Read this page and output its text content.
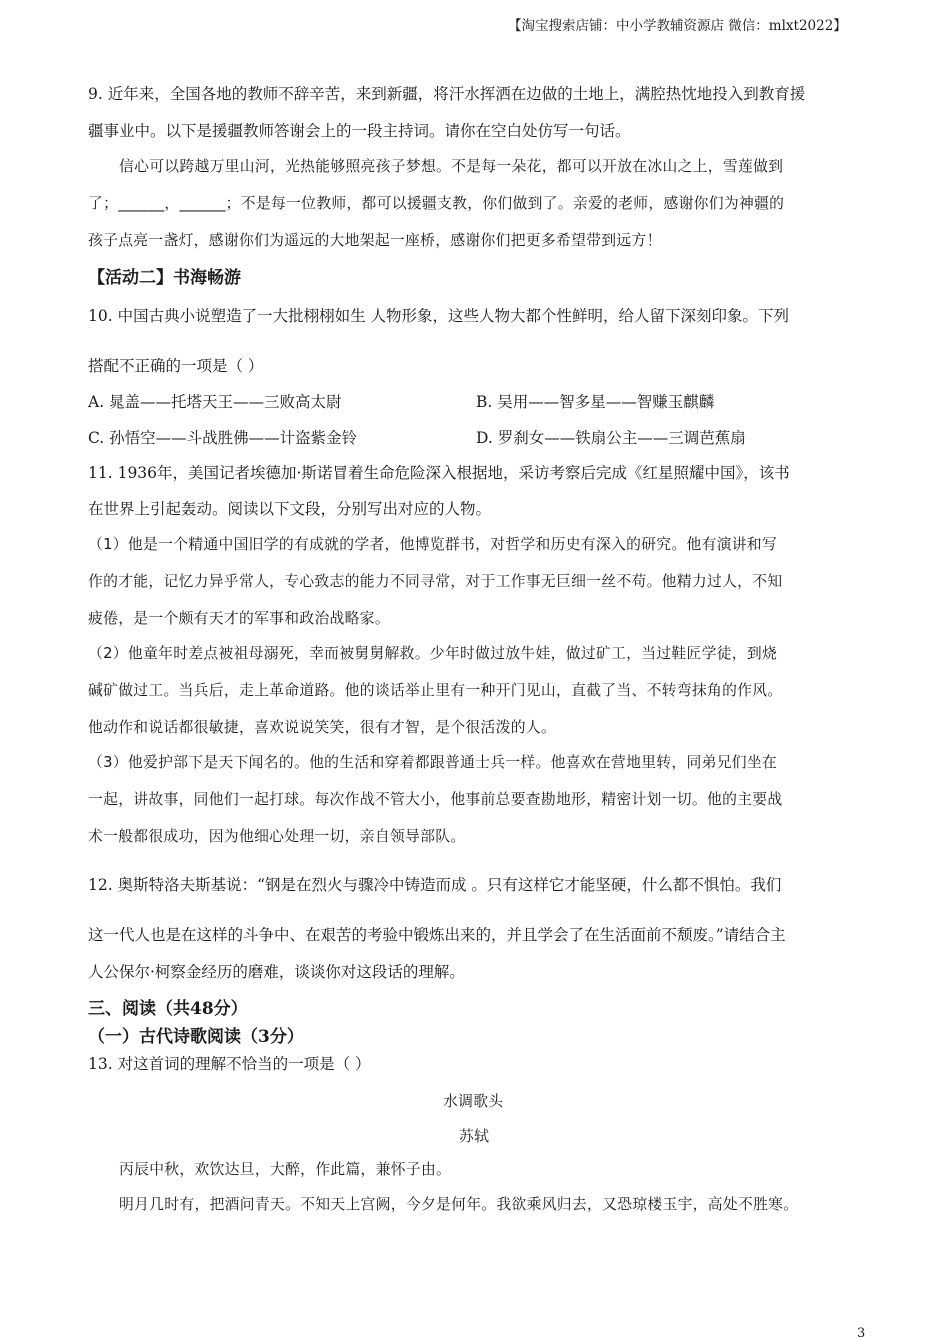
【淘宝搜索店铺：中小学教辅资源店 微信：mlxt2022】
9. 近年来，全国各地的教师不辞辛苦，来到新疆，将汗水挥洒在边做的土地上，满腔热忱地投入到教育援
疆事业中。以下是援疆教师答谢会上的一段主持词。请你在空白处仿写一句话。
信心可以跨越万里山河，光热能够照亮孩子梦想。不是每一朵花，都可以开放在冰山之上，雪莲做到
了；______，______；不是每一位教师，都可以援疆支教，你们做到了。亲爱的老师，感谢你们为神疆的
孩子点亮一盏灯，感谢你们为遥远的大地架起一座桥，感谢你们把更多希望带到远方！
【活动二】书海畅游
10. 中国古典小说塑造了一大批栩栩如生 人物形象，这些人物大都个性鲜明，给人留下深刻印象。下列
搭配不正确的一项是（ ）
A. 晁盖——托塔天王——三败高太尉	B. 吴用——智多星——智赚玉麒麟
C. 孙悟空——斗战胜佛——计盗紫金铃	D. 罗刹女——铁扇公主——三调芭蕉扇
11. 1936年，美国记者埃德加·斯诺冒着生命危险深入根据地，采访考察后完成《红星照耀中国》，该书
在世界上引起轰动。阅读以下文段，分别写出对应的人物。
（1）他是一个精通中国旧学的有成就的学者，他博览群书，对哲学和历史有深入的研究。他有演讲和写
作的才能，记忆力异乎常人，专心致志的能力不同寻常，对于工作事无巨细一丝不苟。他精力过人，不知
疲倦，是一个颇有天才的军事和政治战略家。
（2）他童年时差点被祖母溺死，幸而被舅舅解救。少年时做过放牛娃，做过矿工，当过鞋匠学徒，到烧
碱矿做过工。当兵后，走上革命道路。他的谈话举止里有一种开门见山，直截了当、不转弯抹角的作风。
他动作和说话都很敏捷，喜欢说说笑笑，很有才智，是个很活泼的人。
（3）他爱护部下是天下闻名的。他的生活和穿着都跟普通士兵一样。他喜欢在营地里转，同弟兄们坐在
一起，讲故事，同他们一起打球。每次作战不管大小，他事前总要查勘地形，精密计划一切。他的主要战
术一般都很成功，因为他细心处理一切，亲自领导部队。
12. 奥斯特洛夫斯基说：“钢是在烈火与骤冷中铸造而成 。只有这样它才能坚硬，什么都不惧怕。我们
这一代人也是在这样的斗争中、在艰苦的考验中锻炼出来的，并且学会了在生活面前不颓废。”请结合主
人公保尔·柯察金经历的磨难，谈谈你对这段话的理解。
三、阅读（共48分）
（一）古代诗歌阅读（3分）
13. 对这首词的理解不恰当的一项是（ ）
水调歌头
苏轼
丙辰中秋，欢饮达旦，大醉，作此篇，兼怀子由。
明月几时有，把酒问青天。不知天上宫阙，今夕是何年。我欲乘风归去，又恐琼楼玉宇，高处不胜寒。
3
